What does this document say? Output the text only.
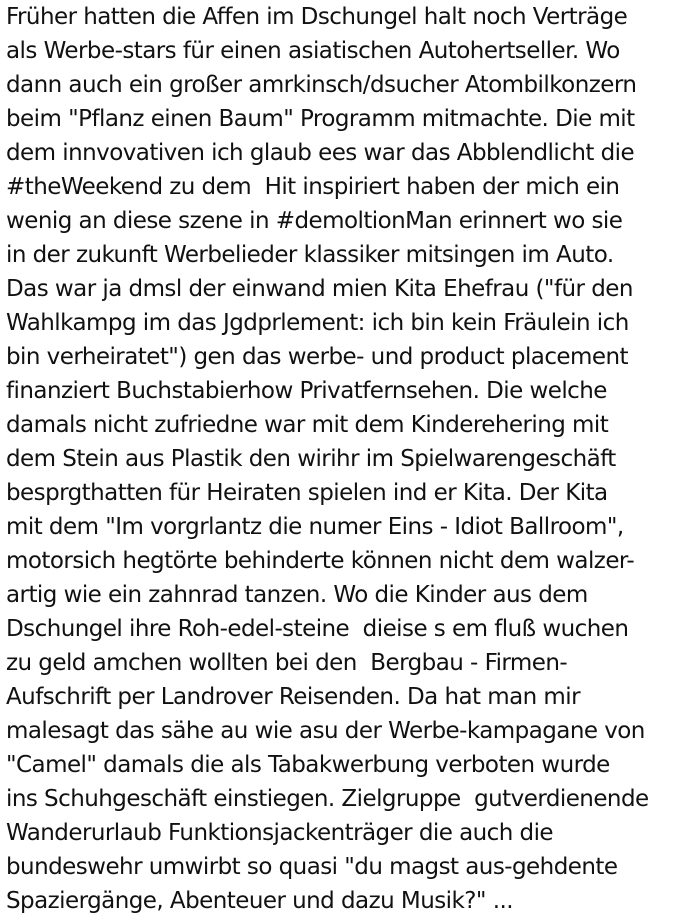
Früher hatten die Affen im Dschungel halt noch Verträge
als Werbe-stars für einen asiatischen Autohertseller. Wo
dann auch ein großer amrkinsch/dsucher Atombilkonzern
beim "Pflanz einen Baum" Programm mitmachte. Die mit
dem innvovativen ich glaub ees war das Abblendlicht die
#theWeekend zu dem  Hit inspiriert haben der mich ein
wenig an diese szene in #demoltionMan erinnert wo sie
in der zukunft Werbelieder klassiker mitsingen im Auto.
Das war ja dmsl der einwand mien Kita Ehefrau ("für den
Wahlkampg im das Jgdprlement: ich bin kein Fräulein ich
bin verheiratet") gen das werbe- und product placement
finanziert Buchstabierhow Privatfernsehen. Die welche
damals nicht zufriedne war mit dem Kinderehering mit
dem Stein aus Plastik den wirihr im Spielwarengeschäft
besprgthatten für Heiraten spielen ind er Kita. Der Kita
mit dem "Im vorgrlantz die numer Eins - Idiot Ballroom",
motorsich hegtörte behinderte können nicht dem walzer-
artig wie ein zahnrad tanzen. Wo die Kinder aus dem
Dschungel ihre Roh-edel-steine  dieise s em fluß wuchen
zu geld amchen wollten bei den  Bergbau - Firmen-
Aufschrift per Landrover Reisenden. Da hat man mir
malesagt das sähe au wie asu der Werbe-kampagane von
"Camel" damals die als Tabakwerbung verboten wurde
ins Schuhgeschäft einstiegen. Zielgruppe  gutverdienende
Wanderurlaub Funktionsjackenträger die auch die
bundeswehr umwirbt so quasi "du magst aus-gehdente
Spaziergänge, Abenteuer und dazu Musik?" ...
